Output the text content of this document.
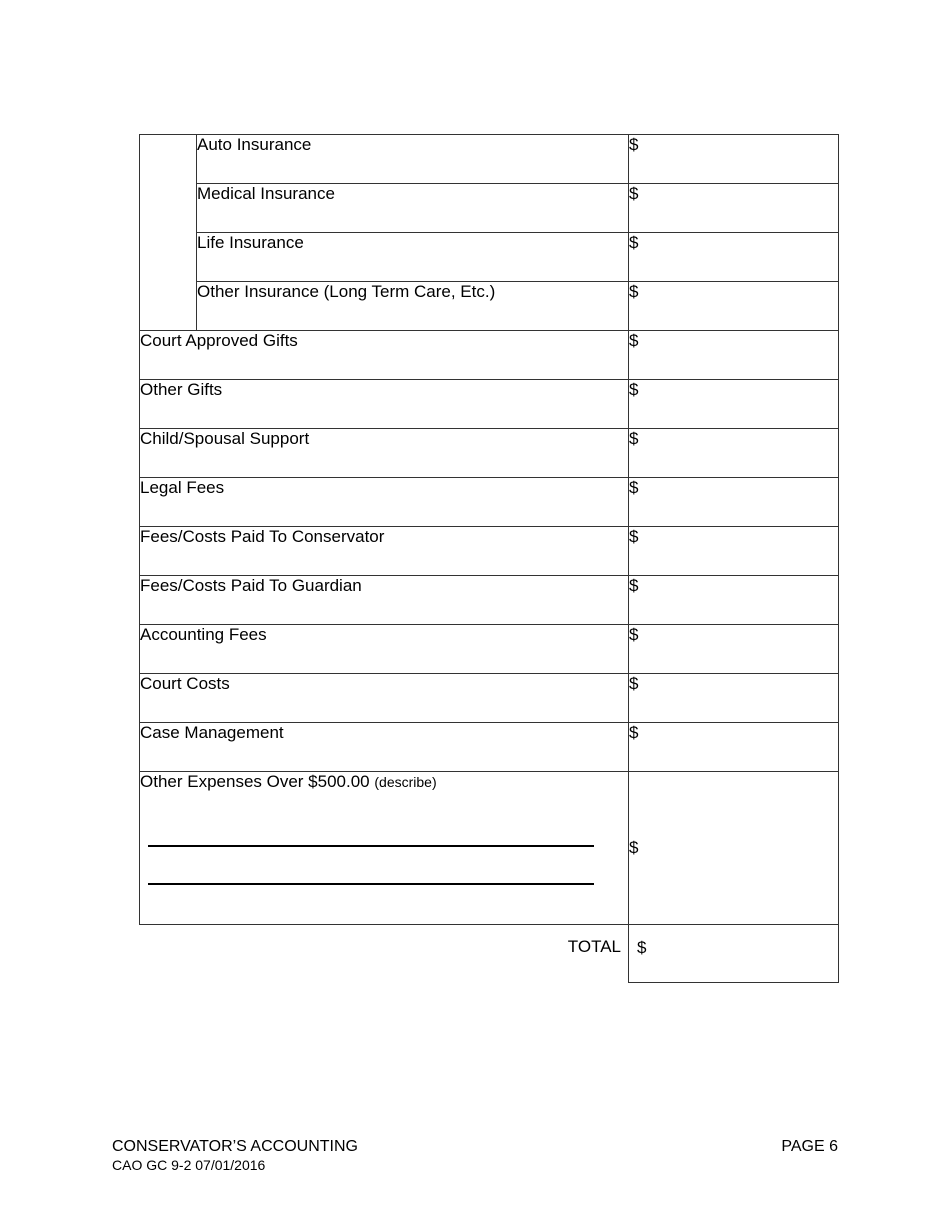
	Auto Insurance	$
	Medical Insurance	$
	Life Insurance	$
	Other Insurance (Long Term Care, Etc.)	$
Court Approved Gifts		$
Other Gifts		$
Child/Spousal Support		$
Legal Fees		$
Fees/Costs Paid To Conservator		$
Fees/Costs Paid To Guardian		$
Accounting Fees		$
Court Costs		$
Case Management		$
Other Expenses Over $500.00 (describe)		$
TOTAL		$
CONSERVATOR’S ACCOUNTING
CAO GC 9-2 07/01/2016
PAGE 6
